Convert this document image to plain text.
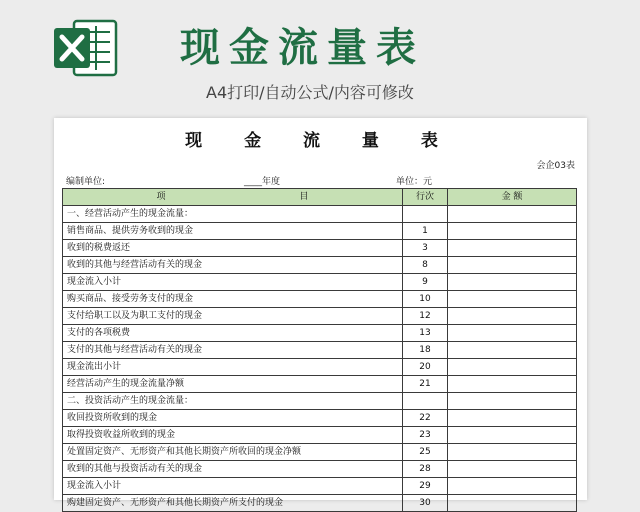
现金流量表
A4打印/自动公式/内容可修改
现 金 流 量 表
会企03表
编制单位:	____年度	单位：元
项 目	行次	金 额
一、经营活动产生的现金流量：		
销售商品、提供劳务收到的现金	1	
收到的税费返还	3	
收到的其他与经营活动有关的现金	8	
现金流入小计	9	
购买商品、接受劳务支付的现金	10	
支付给职工以及为职工支付的现金	12	
支付的各项税费	13	
支付的其他与经营活动有关的现金	18	
现金流出小计	20	
经营活动产生的现金流量净额	21	
二、投资活动产生的现金流量：		
收回投资所收到的现金	22	
取得投资收益所收到的现金	23	
处置固定资产、无形资产和其他长期资产所收回的现金净额	25	
收到的其他与投资活动有关的现金	28	
现金流入小计	29	
购建固定资产、无形资产和其他长期资产所支付的现金	30	
